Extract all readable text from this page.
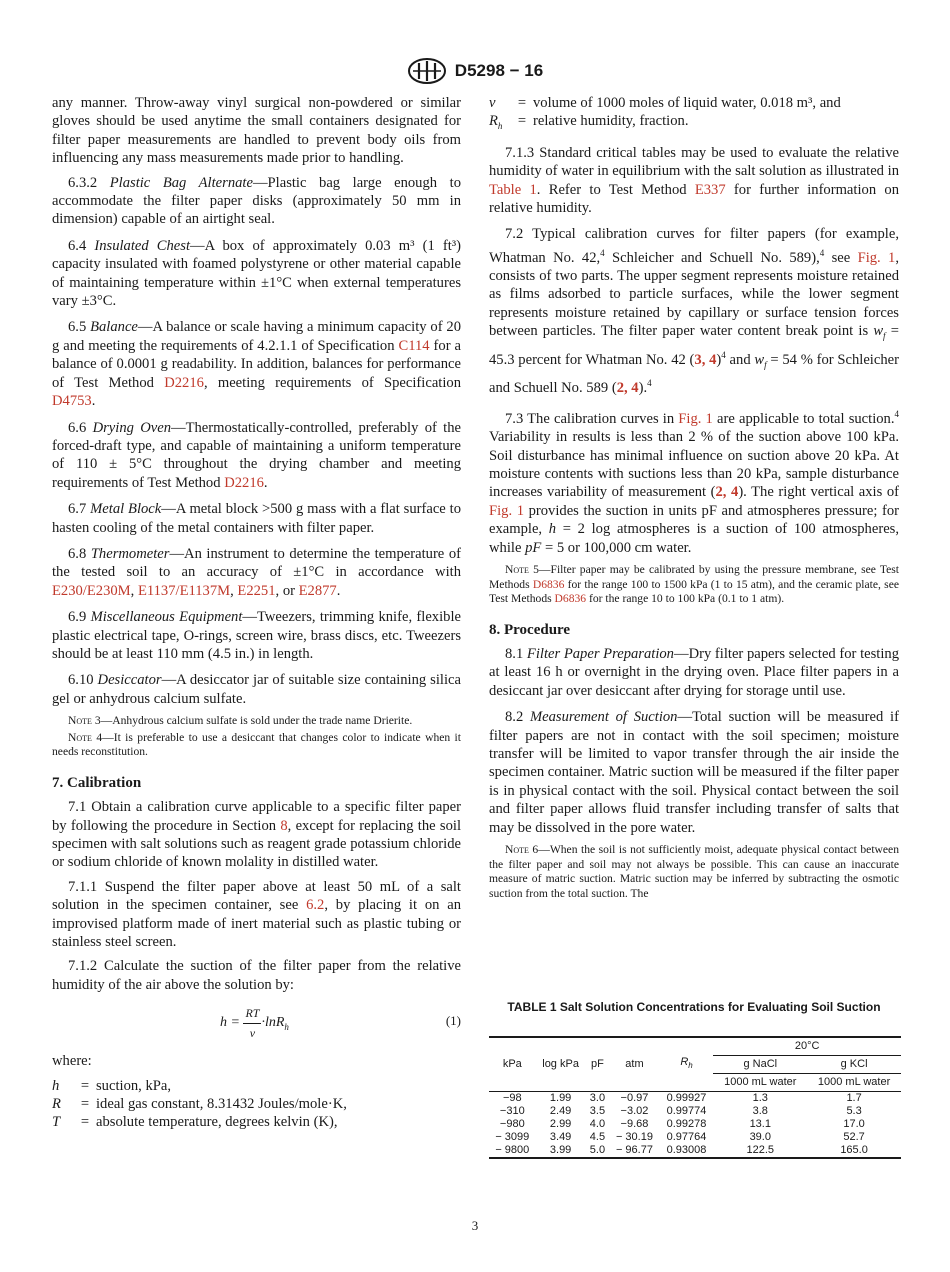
D5298 − 16

any manner. Throw-away vinyl surgical non-powdered or similar gloves should be used anytime the small containers designated for filter paper measurements are handled to prevent body oils from influencing any mass measurements made prior to handling.

6.3.2 Plastic Bag Alternate—Plastic bag large enough to accommodate the filter paper disks (approximately 50 mm in dimension) capable of an airtight seal.

6.4 Insulated Chest—A box of approximately 0.03 m³ (1 ft³) capacity insulated with foamed polystyrene or other material capable of maintaining temperature within ±1°C when external temperatures vary ±3°C.

6.5 Balance—A balance or scale having a minimum capacity of 20 g and meeting the requirements of 4.2.1.1 of Specification C114 for a balance of 0.0001 g readability. In addition, balances for performance of Test Method D2216, meeting requirements of Specification D4753.

6.6 Drying Oven—Thermostatically-controlled, preferably of the forced-draft type, and capable of maintaining a uniform temperature of 110 ± 5°C throughout the drying chamber and meeting requirements of Test Method D2216.

6.7 Metal Block—A metal block >500 g mass with a flat surface to hasten cooling of the metal containers with filter paper.

6.8 Thermometer—An instrument to determine the temperature of the tested soil to an accuracy of ±1°C in accordance with E230/E230M, E1137/E1137M, E2251, or E2877.

6.9 Miscellaneous Equipment—Tweezers, trimming knife, flexible plastic electrical tape, O-rings, screen wire, brass discs, etc. Tweezers should be at least 110 mm (4.5 in.) in length.

6.10 Desiccator—A desiccator jar of suitable size containing silica gel or anhydrous calcium sulfate.

Note 3—Anhydrous calcium sulfate is sold under the trade name Drierite.

Note 4—It is preferable to use a desiccant that changes color to indicate when it needs reconstitution.

7. Calibration

7.1 Obtain a calibration curve applicable to a specific filter paper by following the procedure in Section 8, except for replacing the soil specimen with salt solutions such as reagent grade potassium chloride or sodium chloride of known molality in distilled water.

7.1.1 Suspend the filter paper above at least 50 mL of a salt solution in the specimen container, see 6.2, by placing it on an improvised platform made of inert material such as plastic tubing or stainless steel screen.

7.1.2 Calculate the suction of the filter paper from the relative humidity of the air above the solution by:

$h = \frac{RT}{v} \cdot\ln R_h$	(1)

where:

h	= suction, kPa,
R	= ideal gas constant, 8.31432 Joules/mole·K,
T	= absolute temperature, degrees kelvin (K),
v	= volume of 1000 moles of liquid water, 0.018 m³, and
$R_h$	= relative humidity, fraction.

7.1.3 Standard critical tables may be used to evaluate the relative humidity of water in equilibrium with the salt solution as illustrated in Table 1. Refer to Test Method E337 for further information on relative humidity.

7.2 Typical calibration curves for filter papers (for example, Whatman No. 42,$^4$ Schleicher and Schuell No. 589),$^4$ see Fig. 1, consists of two parts. The upper segment represents moisture retained as films adsorbed to particle surfaces, while the lower segment represents moisture retained by capillary or surface tension forces between particles. The filter paper water content break point is $w_f = 45.3$ percent for Whatman No. 42 (3, 4)$^4$ and $w_f = 54$ % for Schleicher and Schuell No. 589 (2, 4).$^4$

7.3 The calibration curves in Fig. 1 are applicable to total suction.$^4$ Variability in results is less than 2 % of the suction above 100 kPa. Soil disturbance has minimal influence on suction above 20 kPa. At moisture contents with suctions less than 20 kPa, sample disturbance increases variability of measurement (2, 4). The right vertical axis of Fig. 1 provides the suction in units pF and atmospheres pressure; for example, h = 2 log atmospheres is a suction of 100 atmospheres, while pF = 5 or 100,000 cm water.

Note 5—Filter paper may be calibrated by using the pressure membrane, see Test Methods D6836 for the range 100 to 1500 kPa (1 to 15 atm), and the ceramic plate, see Test Methods D6836 for the range 10 to 100 kPa (0.1 to 1 atm).

8. Procedure

8.1 Filter Paper Preparation—Dry filter papers selected for testing at least 16 h or overnight in the drying oven. Place filter papers in a desiccant jar over desiccant after drying for storage until use.

8.2 Measurement of Suction—Total suction will be measured if filter papers are not in contact with the soil specimen; moisture transfer will be limited to vapor transfer through the air inside the specimen container. Matric suction will be measured if the filter paper is in physical contact with the soil. Physical contact between the soil and filter paper allows fluid transfer including transfer of salts that may be dissolved in the pore water.

Note 6—When the soil is not sufficiently moist, adequate physical contact between the filter paper and soil may not always be possible. This can cause an inaccurate measure of matric suction. Matric suction may be inferred by subtracting the osmotic suction from the total suction. The

TABLE 1 Salt Solution Concentrations for Evaluating Soil Suction
kPa	log kPa	pF	atm	$R_h$	20°C	
					g NaCl	g KCl
					1000 mL water	1000 mL water
−98	1.99	3.0	−0.97	0.99927	1.3	1.7
−310	2.49	3.5	−3.02	0.99774	3.8	5.3
−980	2.99	4.0	−9.68	0.99278	13.1	17.0
− 3099	3.49	4.5	− 30.19	0.97764	39.0	52.7
− 9800	3.99	5.0	− 96.77	0.93008	122.5	165.0
3
